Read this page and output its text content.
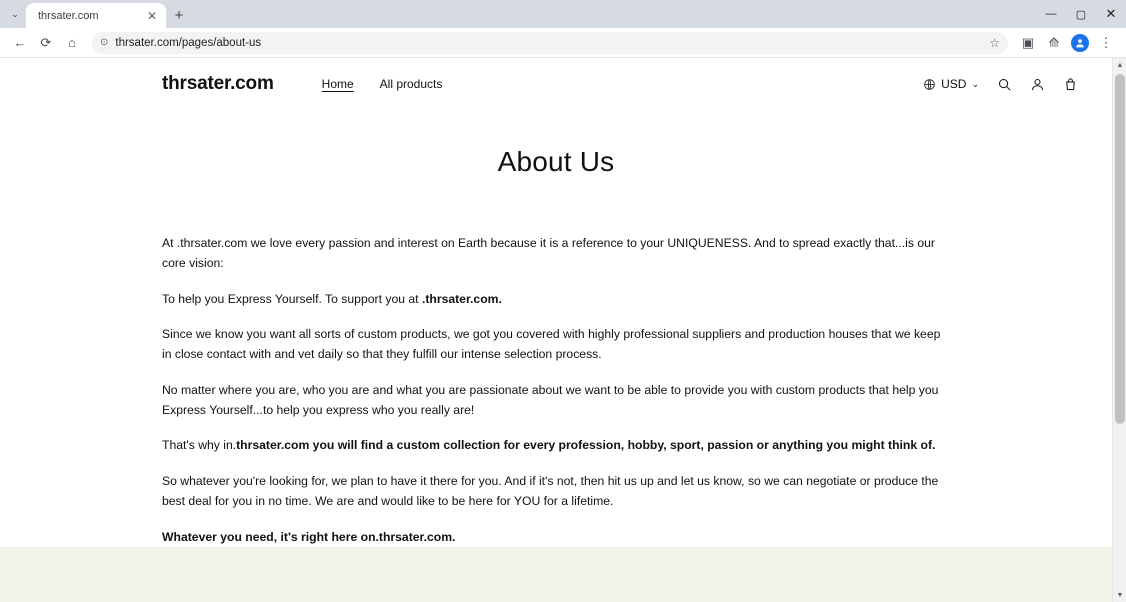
⌄	thrsater.com	✕	+	—	▢	✕
←	⟳	⌂	⊙ thrsater.com/pages/about-us	☆	▣	⟰	⋮
thrsater.com	Home All products	USD ⌄
About Us

At .thrsater.com we love every passion and interest on Earth because it is a reference to your UNIQUENESS. And to spread exactly that...is our core vision:

To help you Express Yourself. To support you at .thrsater.com.

Since we know you want all sorts of custom products, we got you covered with highly professional suppliers and production houses that we keep in close contact with and vet daily so that they fulfill our intense selection process.

No matter where you are, who you are and what you are passionate about we want to be able to provide you with custom products that help you Express Yourself...to help you express who you really are!

That's why in.thrsater.com you will find a custom collection for every profession, hobby, sport, passion or anything you might think of.

So whatever you're looking for, we plan to have it there for you. And if it's not, then hit us up and let us know, so we can negotiate or produce the best deal for you in no time. We are and would like to be here for YOU for a lifetime.

Whatever you need, it's right here on.thrsater.com.

▲
▼
